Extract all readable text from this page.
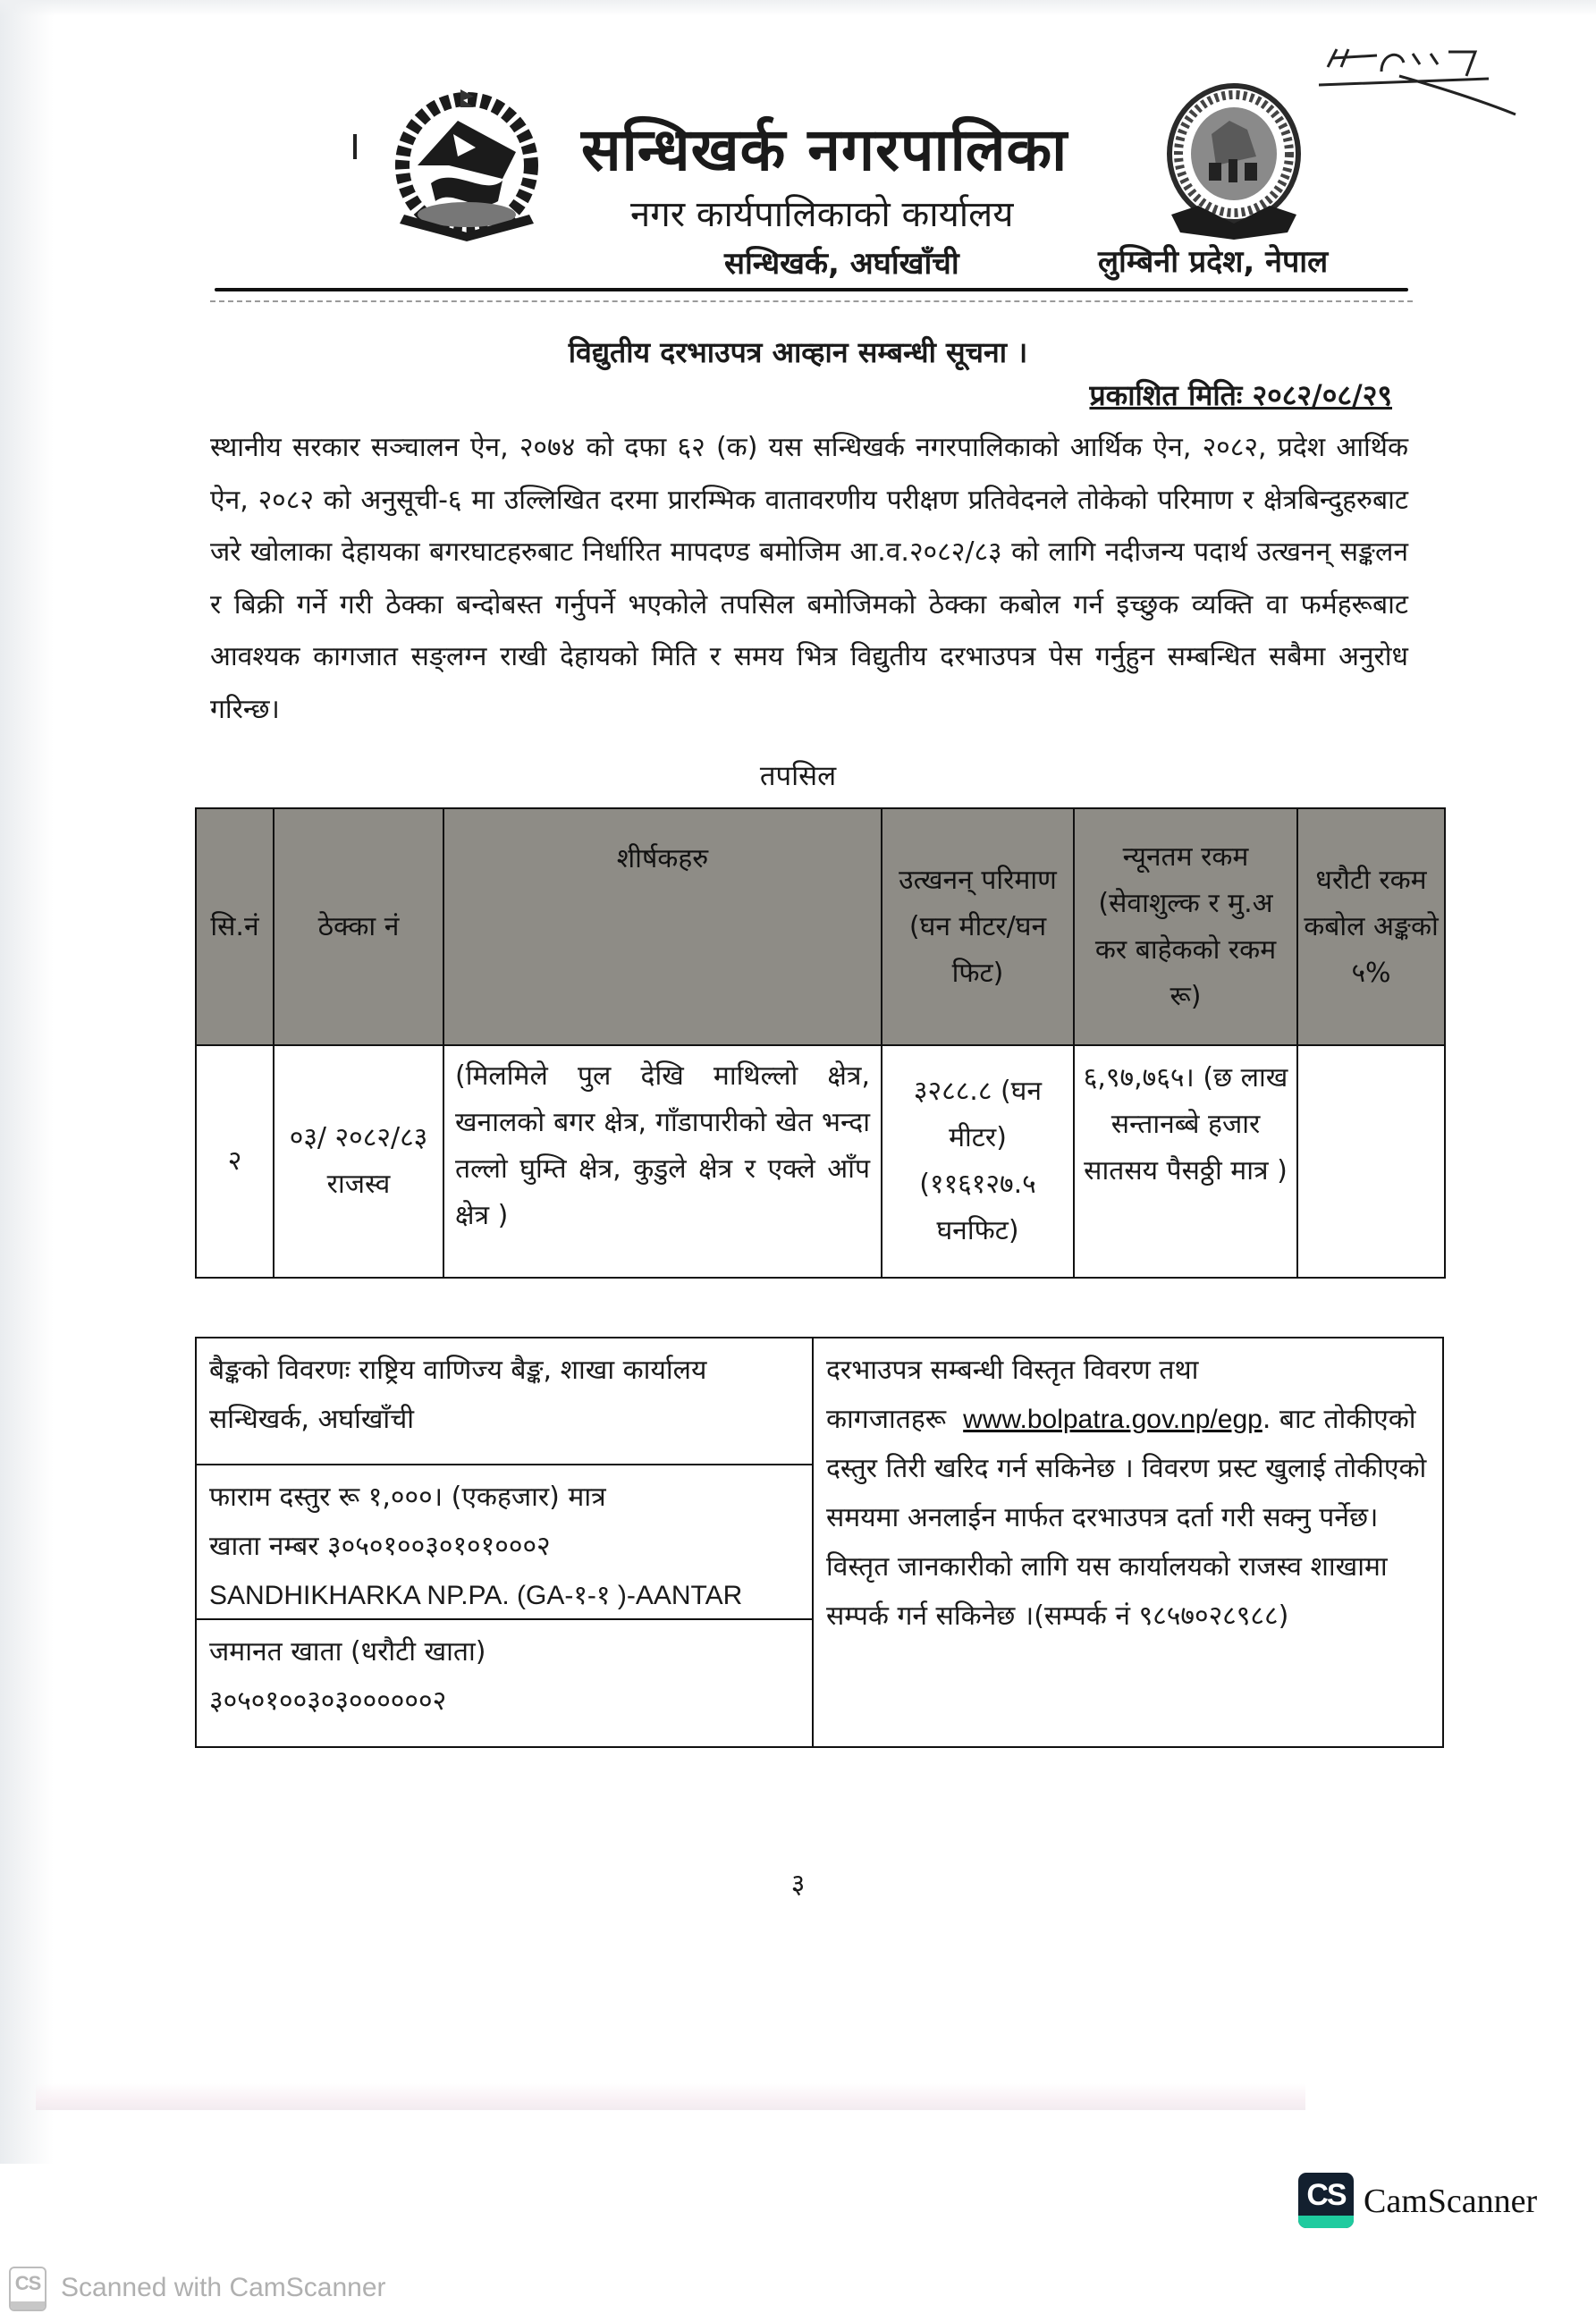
सन्धिखर्क नगरपालिका
नगर कार्यपालिकाको कार्यालय
सन्धिखर्क, अर्घाखाँची	लुम्बिनी प्रदेश, नेपाल
विद्युतीय दरभाउपत्र आव्हान सम्बन्धी सूचना ।
प्रकाशित मितिः २०८२/०८/२९
स्थानीय सरकार सञ्चालन ऐन, २०७४ को दफा ६२ (क) यस सन्धिखर्क नगरपालिकाको आर्थिक ऐन, २०८२, प्रदेश आर्थिक ऐन, २०८२ को अनुसूची-६ मा उल्लिखित दरमा प्रारम्भिक वातावरणीय परीक्षण प्रतिवेदनले तोकेको परिमाण र क्षेत्रबिन्दुहरुबाट जरे खोलाका देहायका बगरघाटहरुबाट निर्धारित मापदण्ड बमोजिम आ.व.२०८२/८३ को लागि नदीजन्य पदार्थ उत्खनन् सङ्कलन र बिक्री गर्ने गरी ठेक्का बन्दोबस्त गर्नुपर्ने भएकोले तपसिल बमोजिमको ठेक्का कबोल गर्न इच्छुक व्यक्ति वा फर्महरूबाट आवश्यक कागजात सङ्लग्न राखी देहायको मिति र समय भित्र विद्युतीय दरभाउपत्र पेस गर्नुहुन सम्बन्धित सबैमा अनुरोध गरिन्छ।
तपसिल
सि.नं	ठेक्का नं	शीर्षकहरु	उत्खनन् परिमाण (घन मीटर/घन फिट)	न्यूनतम रकम (सेवाशुल्क र मु.अ कर बाहेकको रकम रू)	धरौटी रकम कबोल अङ्कको ५%
२	०३/ २०८२/८३ राजस्व	(मिलमिले पुल देखि माथिल्लो क्षेत्र, खनालको बगर क्षेत्र, गाँडापारीको खेत भन्दा तल्लो घुम्ति क्षेत्र, कुडुले क्षेत्र र एक्ले आँप क्षेत्र )	३२८८.८ (घन मीटर) (११६१२७.५ घनफिट)	६,९७,७६५। (छ लाख सन्तानब्बे हजार सातसय पैसठ्ठी मात्र )	
बैङ्कको विवरणः राष्ट्रिय वाणिज्य बैङ्क, शाखा कार्यालय सन्धिखर्क, अर्घाखाँची
फाराम दस्तुर रू १,०००। (एकहजार) मात्र
खाता नम्बर ३०५०१००३०१०१०००२
SANDHIKHARKA NP.PA. (GA-१-१ )-AANTAR
जमानत खाता (धरौटी खाता)
३०५०१००३०३००००००२
दरभाउपत्र सम्बन्धी विस्तृत विवरण तथा कागजातहरू www.bolpatra.gov.np/egp. बाट तोकीएको दस्तुर तिरी खरिद गर्न सकिनेछ । विवरण प्रस्ट खुलाई तोकीएको समयमा अनलाईन मार्फत दरभाउपत्र दर्ता गरी सक्नु पर्नेछ। विस्तृत जानकारीको लागि यस कार्यालयको राजस्व शाखामा सम्पर्क गर्न सकिनेछ ।(सम्पर्क नं ९८५७०२८९८८)
३
CS CamScanner
CS Scanned with CamScanner
